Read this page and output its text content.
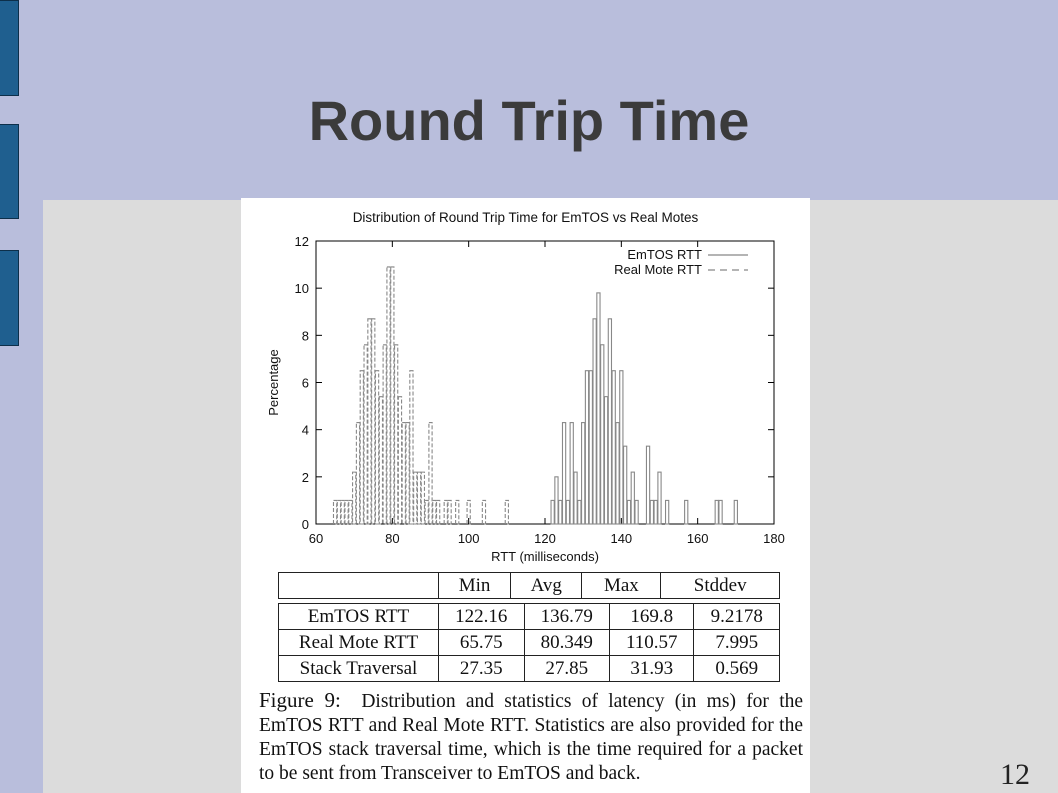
Round Trip Time
Distribution of Round Trip Time for EmTOS vs Real Motes
60	80	100	120	140	160	180
0
2
4
6
8
10
12
RTT (milliseconds)
Percentage
EmTOS RTT
Real Mote RTT
	Min	Avg	Max	Stddev
EmTOS RTT	122.16	136.79	169.8	9.2178
Real Mote RTT	65.75	80.349	110.57	7.995
Stack Traversal	27.35	27.85	31.93	0.569
Figure 9: Distribution and statistics of latency (in ms) for the EmTOS RTT and Real Mote RTT. Statistics are also provided for the EmTOS stack traversal time, which is the time required for a packet to be sent from Transceiver to EmTOS and back.	12
